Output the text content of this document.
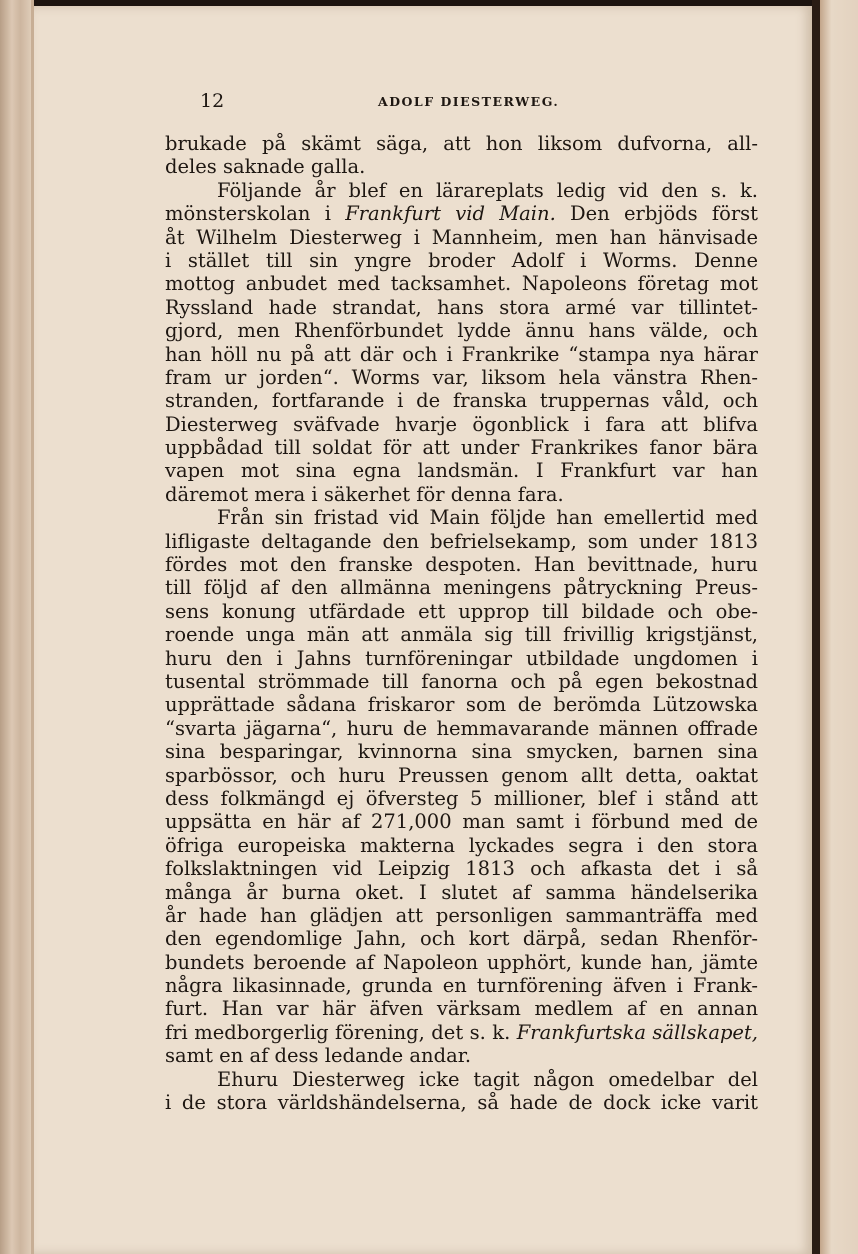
12	ADOLF DIESTERWEG.
brukade på skämt säga, att hon liksom dufvorna, all-
deles saknade galla.
Följande år blef en lärareplats ledig vid den s. k.
mönsterskolan i Frankfurt vid Main. Den erbjöds först
åt Wilhelm Diesterweg i Mannheim, men han hänvisade
i stället till sin yngre broder Adolf i Worms. Denne
mottog anbudet med tacksamhet. Napoleons företag mot
Ryssland hade strandat, hans stora armé var tillintet-
gjord, men Rhenförbundet lydde ännu hans välde, och
han höll nu på att där och i Frankrike “stampa nya härar
fram ur jorden“. Worms var, liksom hela vänstra Rhen-
stranden, fortfarande i de franska truppernas våld, och
Diesterweg sväfvade hvarje ögonblick i fara att blifva
uppbådad till soldat för att under Frankrikes fanor bära
vapen mot sina egna landsmän. I Frankfurt var han
däremot mera i säkerhet för denna fara.
Från sin fristad vid Main följde han emellertid med
lifligaste deltagande den befrielsekamp, som under 1813
fördes mot den franske despoten. Han bevittnade, huru
till följd af den allmänna meningens påtryckning Preus-
sens konung utfärdade ett upprop till bildade och obe-
roende unga män att anmäla sig till frivillig krigstjänst,
huru den i Jahns turnföreningar utbildade ungdomen i
tusental strömmade till fanorna och på egen bekostnad
upprättade sådana friskaror som de berömda Lützowska
“svarta jägarna“, huru de hemmavarande männen offrade
sina besparingar, kvinnorna sina smycken, barnen sina
sparbössor, och huru Preussen genom allt detta, oaktat
dess folkmängd ej öfversteg 5 millioner, blef i stånd att
uppsätta en här af 271,000 man samt i förbund med de
öfriga europeiska makterna lyckades segra i den stora
folkslaktningen vid Leipzig 1813 och afkasta det i så
många år burna oket. I slutet af samma händelserika
år hade han glädjen att personligen sammanträffa med
den egendomlige Jahn, och kort därpå, sedan Rhenför-
bundets beroende af Napoleon upphört, kunde han, jämte
några likasinnade, grunda en turnförening äfven i Frank-
furt. Han var här äfven värksam medlem af en annan
fri medborgerlig förening, det s. k. Frankfurtska sällskapet,
samt en af dess ledande andar.
Ehuru Diesterweg icke tagit någon omedelbar del
i de stora världshändelserna, så hade de dock icke varit
